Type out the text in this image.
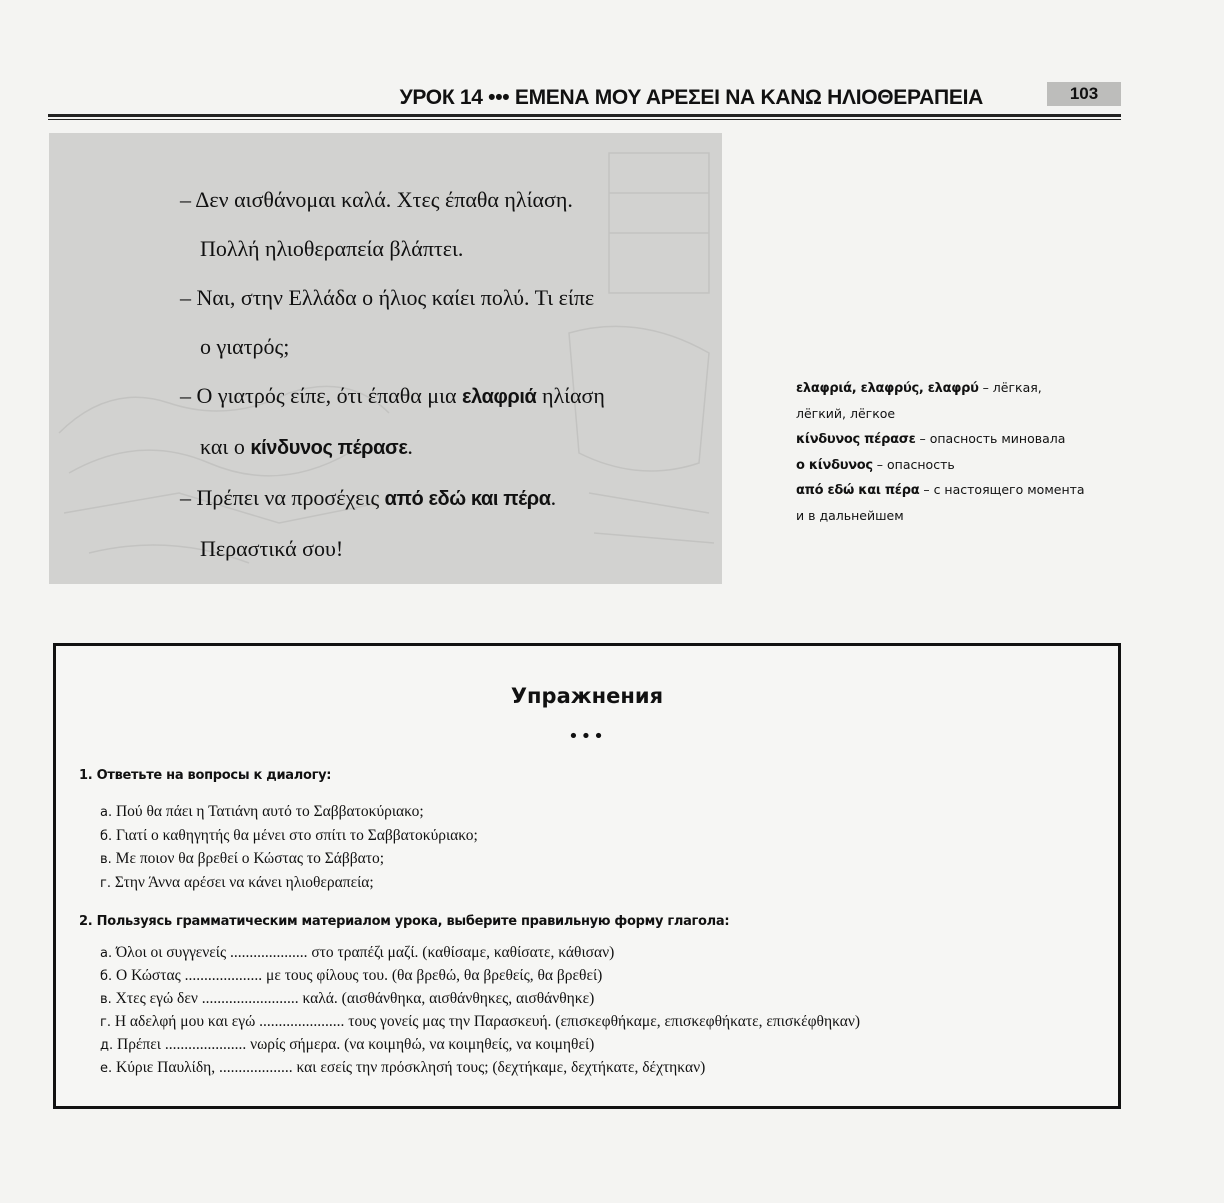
УРОК 14 ••• ΕΜΕΝΑ ΜΟΥ ΑΡΕΣΕΙ ΝΑ ΚΑΝΩ ΗΛΙΟΘΕΡΑΠΕΙΑ	103
– Δεν αισθάνομαι καλά. Χτες έπαθα ηλίαση.
Πολλή ηλιοθεραπεία βλάπτει.
– Ναι, στην Ελλάδα ο ήλιος καίει πολύ. Τι είπε
ο γιατρός;
– Ο γιατρός είπε, ότι έπαθα μια ελαφριά ηλίαση
και ο κίνδυνος πέρασε.
– Πρέπει να προσέχεις από εδώ και πέρα.
Περαστικά σου!
ελαφριά, ελαφρύς, ελαφρύ – лёгкая,
лёгкий, лёгкое
κίνδυνος πέρασε – опасность миновала
ο κίνδυνος – опасность
από εδώ και πέρα – с настоящего момента
и в дальнейшем
Упражнения
•••
1. Ответьте на вопросы к диалогу:
а. Πού θα πάει η Τατιάνη αυτό το Σαββατοκύριακο;
б. Γιατί ο καθηγητής θα μένει στο σπίτι το Σαββατοκύριακο;
в. Με ποιον θα βρεθεί ο Κώστας το Σάββατο;
г. Στην Άννα αρέσει να κάνει ηλιοθεραπεία;
2. Пользуясь грамматическим материалом урока, выберите правильную форму глагола:
а. Όλοι οι συγγενείς .................... στο τραπέζι μαζί. (καθίσαμε, καθίσατε, κάθισαν)
б. Ο Κώστας .................... με τους φίλους του. (θα βρεθώ, θα βρεθείς, θα βρεθεί)
в. Χτες εγώ δεν ......................... καλά. (αισθάνθηκα, αισθάνθηκες, αισθάνθηκε)
г. Η αδελφή μου και εγώ ...................... τους γονείς μας την Παρασκευή. (επισκεφθήκαμε, επισκεφθήκατε, επισκέφθηκαν)
д. Πρέπει ..................... νωρίς σήμερα. (να κοιμηθώ, να κοιμηθείς, να κοιμηθεί)
е. Κύριε Παυλίδη, ................... και εσείς την πρόσκλησή τους; (δεχτήκαμε, δεχτήκατε, δέχτηκαν)
